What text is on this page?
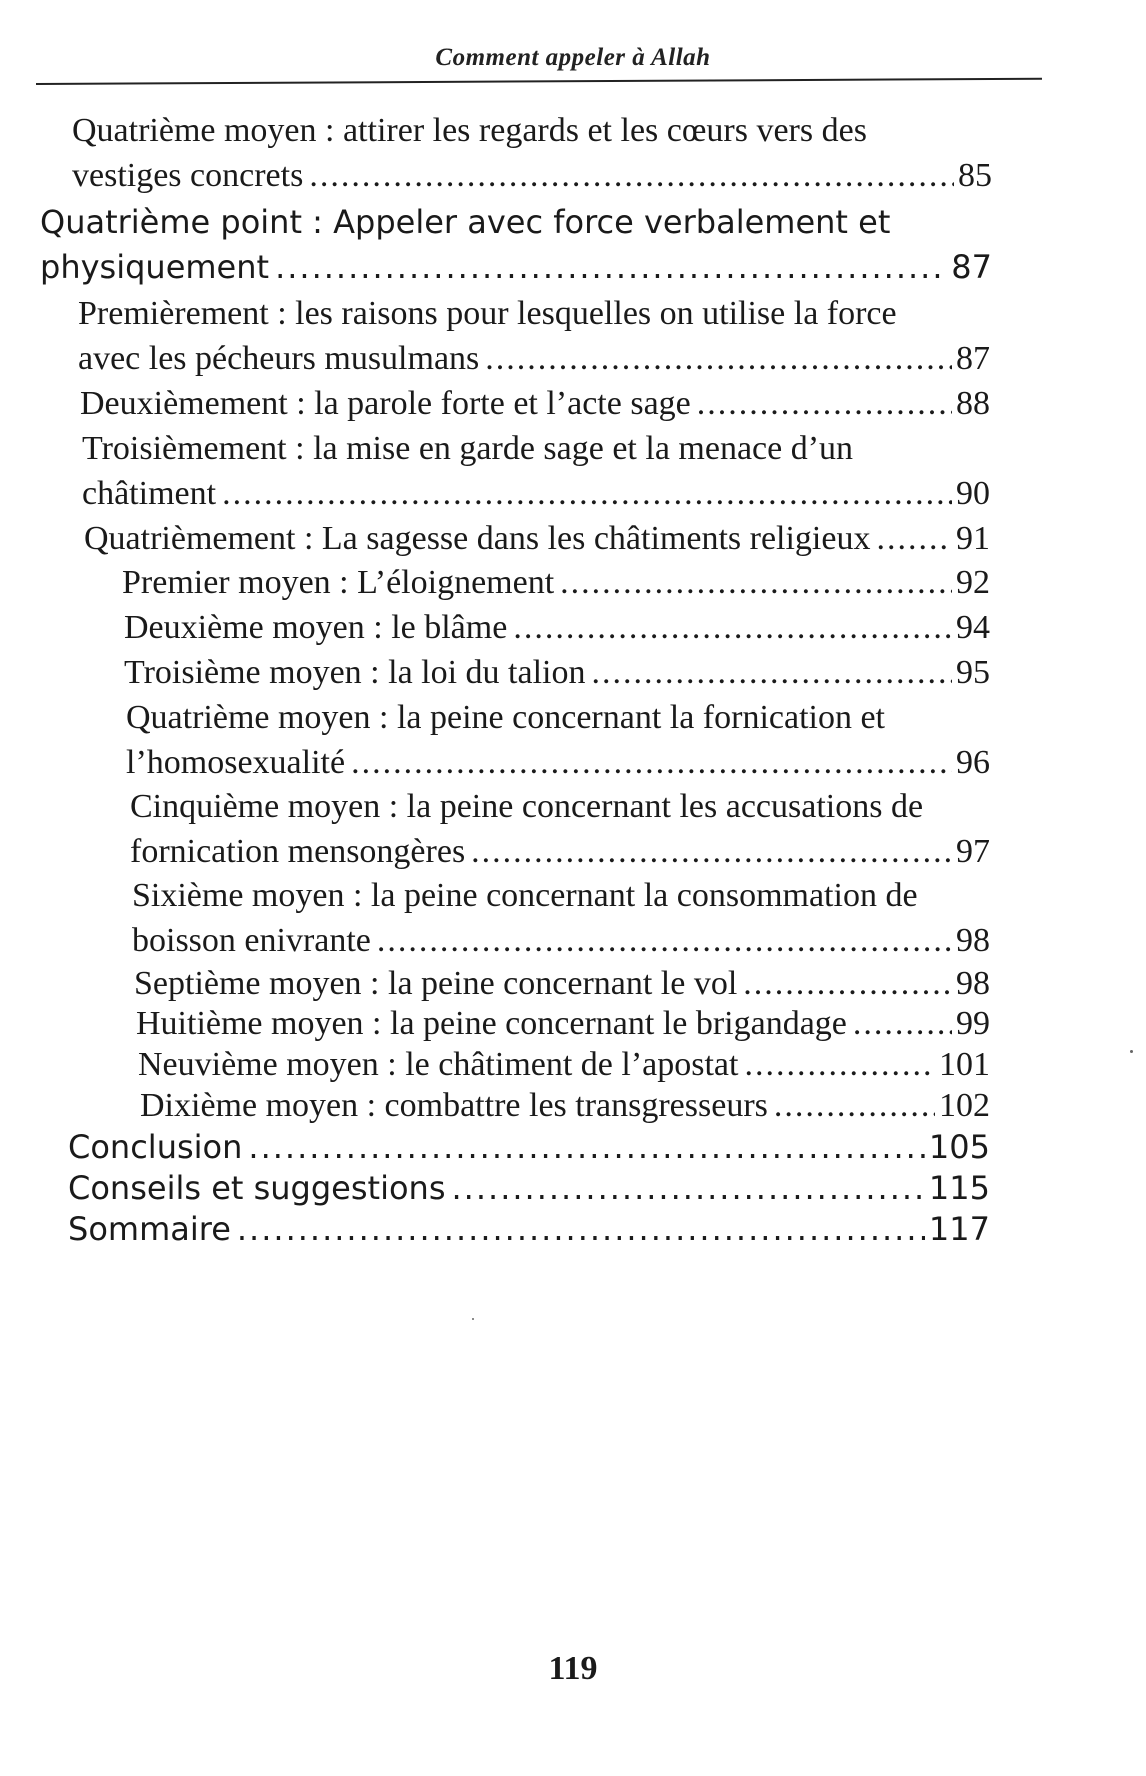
Comment appeler à Allah
Quatrième moyen : attirer les regards et les cœurs vers des
vestiges concrets .....	85
Quatrième point : Appeler avec force verbalement et
physiquement .....	87
Premièrement : les raisons pour lesquelles on utilise la force
avec les pécheurs musulmans .....	87
Deuxièmement : la parole forte et l’acte sage .....	88
Troisièmement : la mise en garde sage et la menace d’un
châtiment .....	90
Quatrièmement : La sagesse dans les châtiments religieux .....	91
Premier moyen : L’éloignement .....	92
Deuxième moyen : le blâme .....	94
Troisième moyen : la loi du talion .....	95
Quatrième moyen : la peine concernant la fornication et
l’homosexualité .....	96
Cinquième moyen : la peine concernant les accusations de
fornication mensongères .....	97
Sixième moyen : la peine concernant la consommation de
boisson enivrante .....	98
Septième moyen : la peine concernant le vol .....	98
Huitième moyen : la peine concernant le brigandage .....	99
Neuvième moyen : le châtiment de l’apostat .....	101
Dixième moyen : combattre les transgresseurs .....	102
Conclusion .....	105
Conseils et suggestions .....	115
Sommaire .....	117
119
